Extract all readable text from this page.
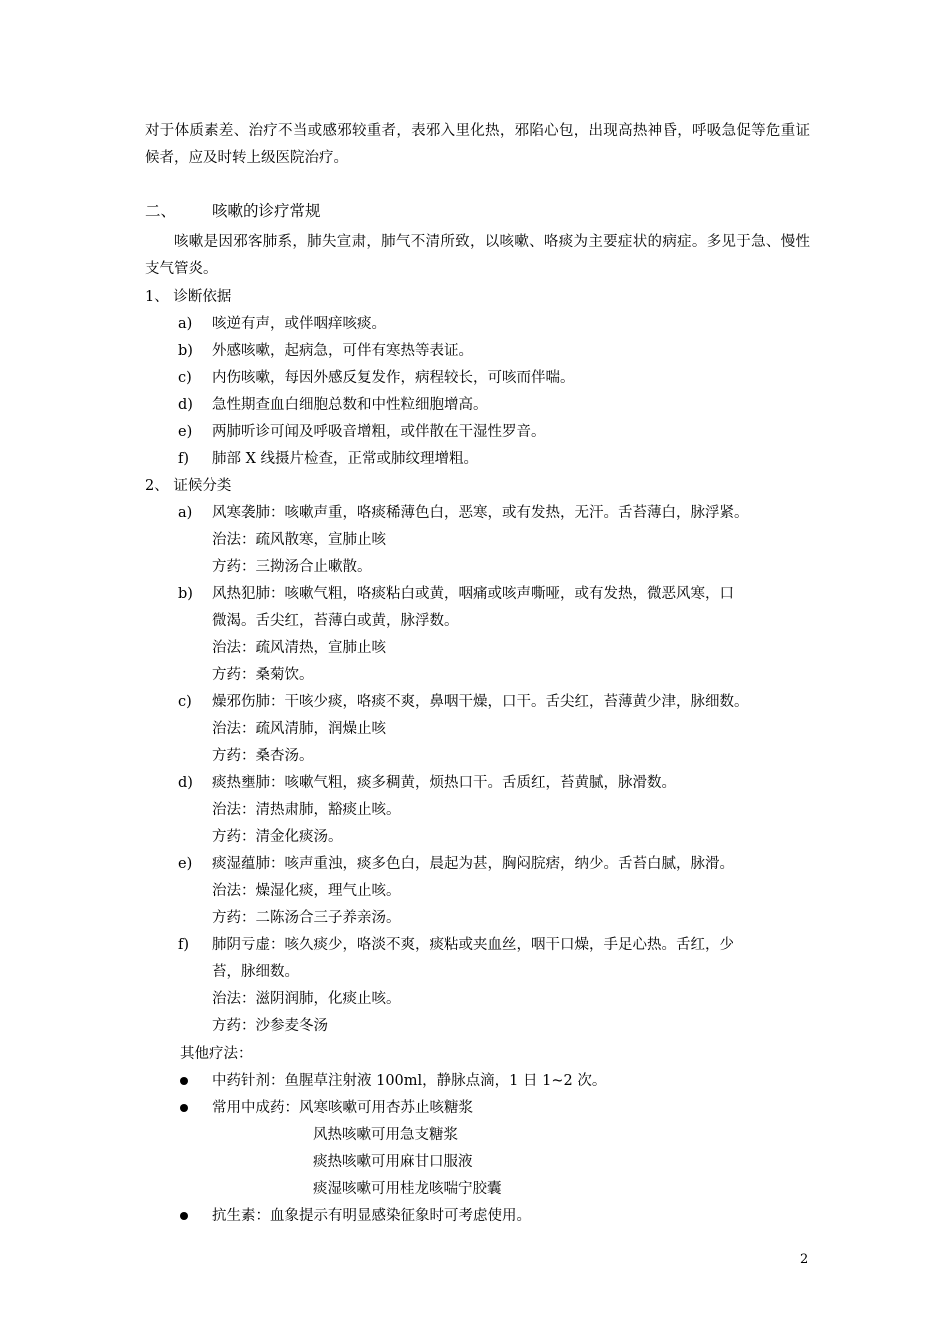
对于体质素差、治疗不当或感邪较重者，表邪入里化热，邪陷心包，出现高热神昏，呼吸急促等危重证候者，应及时转上级医院治疗。
二、 咳嗽的诊疗常规
咳嗽是因邪客肺系，肺失宣肃，肺气不清所致，以咳嗽、咯痰为主要症状的病症。多见于急、慢性支气管炎。
1、 诊断依据
a) 咳逆有声，或伴咽痒咳痰。
b) 外感咳嗽，起病急，可伴有寒热等表证。
c) 内伤咳嗽，每因外感反复发作，病程较长，可咳而伴喘。
d) 急性期查血白细胞总数和中性粒细胞增高。
e) 两肺听诊可闻及呼吸音增粗，或伴散在干湿性罗音。
f) 肺部 X 线摄片检查，正常或肺纹理增粗。
2、 证候分类
a) 风寒袭肺：咳嗽声重，咯痰稀薄色白，恶寒，或有发热，无汗。舌苔薄白，脉浮紧。
治法：疏风散寒，宣肺止咳
方药：三拗汤合止嗽散。
b) 风热犯肺：咳嗽气粗，咯痰粘白或黄，咽痛或咳声嘶哑，或有发热，微恶风寒，口
微渴。舌尖红，苔薄白或黄，脉浮数。
治法：疏风清热，宣肺止咳
方药：桑菊饮。
c) 燥邪伤肺：干咳少痰，咯痰不爽，鼻咽干燥，口干。舌尖红，苔薄黄少津，脉细数。
治法：疏风清肺，润燥止咳
方药：桑杏汤。
d) 痰热壅肺：咳嗽气粗，痰多稠黄，烦热口干。舌质红，苔黄腻，脉滑数。
治法：清热肃肺，豁痰止咳。
方药：清金化痰汤。
e) 痰湿蕴肺：咳声重浊，痰多色白，晨起为甚，胸闷脘痞，纳少。舌苔白腻，脉滑。
治法：燥湿化痰，理气止咳。
方药：二陈汤合三子养亲汤。
f) 肺阴亏虚：咳久痰少，咯淡不爽，痰粘或夹血丝，咽干口燥，手足心热。舌红，少
苔，脉细数。
治法：滋阴润肺，化痰止咳。
方药：沙参麦冬汤
其他疗法：
中药针剂：鱼腥草注射液 100ml，静脉点滴，1 日 1~2 次。
常用中成药：风寒咳嗽可用杏苏止咳糖浆
风热咳嗽可用急支糖浆
痰热咳嗽可用麻甘口服液
痰湿咳嗽可用桂龙咳喘宁胶囊
抗生素：血象提示有明显感染征象时可考虑使用。
2
